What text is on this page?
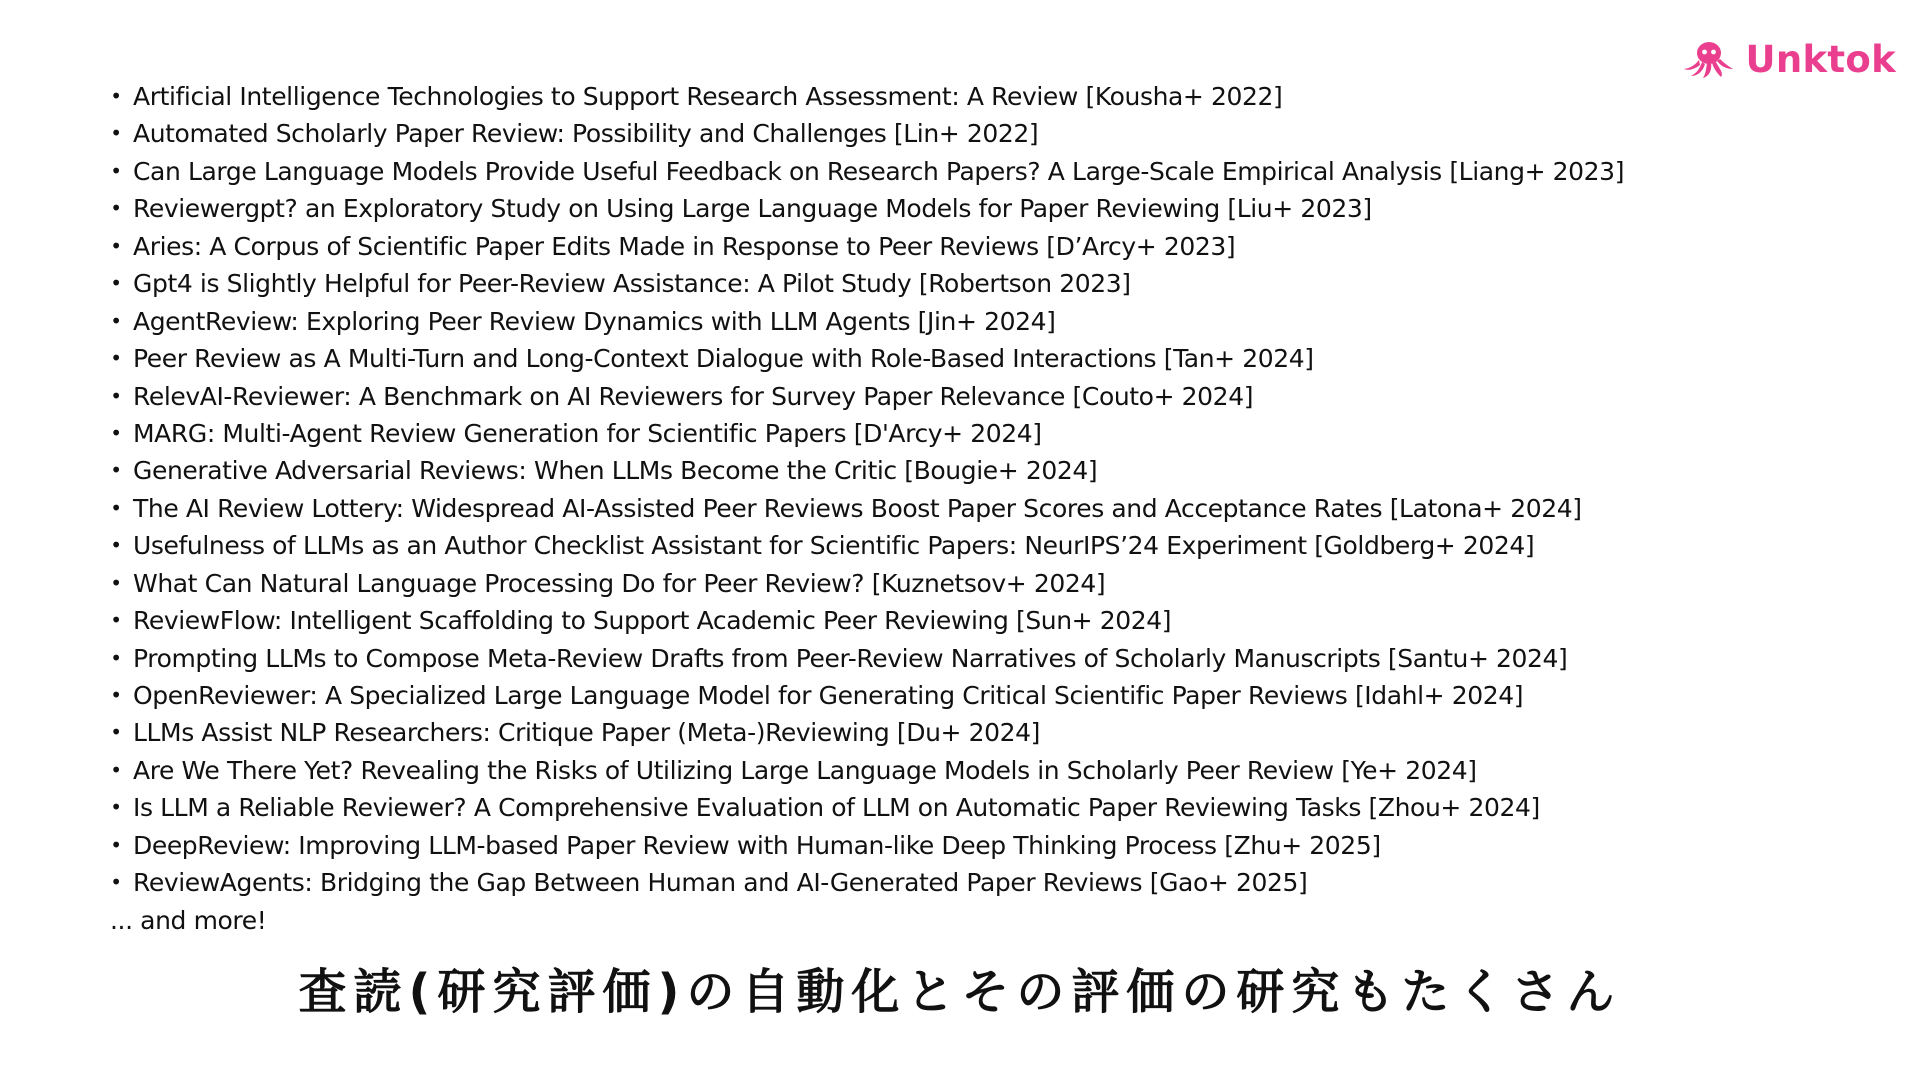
Unktok
• Artificial Intelligence Technologies to Support Research Assessment: A Review [Kousha+ 2022]
• Automated Scholarly Paper Review: Possibility and Challenges [Lin+ 2022]
• Can Large Language Models Provide Useful Feedback on Research Papers? A Large-Scale Empirical Analysis [Liang+ 2023]
• Reviewergpt? an Exploratory Study on Using Large Language Models for Paper Reviewing [Liu+ 2023]
• Aries: A Corpus of Scientific Paper Edits Made in Response to Peer Reviews [D’Arcy+ 2023]
• Gpt4 is Slightly Helpful for Peer-Review Assistance: A Pilot Study [Robertson 2023]
• AgentReview: Exploring Peer Review Dynamics with LLM Agents [Jin+ 2024]
• Peer Review as A Multi-Turn and Long-Context Dialogue with Role-Based Interactions [Tan+ 2024]
• RelevAI-Reviewer: A Benchmark on AI Reviewers for Survey Paper Relevance [Couto+ 2024]
• MARG: Multi-Agent Review Generation for Scientific Papers [D'Arcy+ 2024]
• Generative Adversarial Reviews: When LLMs Become the Critic [Bougie+ 2024]
• The AI Review Lottery: Widespread AI-Assisted Peer Reviews Boost Paper Scores and Acceptance Rates [Latona+ 2024]
• Usefulness of LLMs as an Author Checklist Assistant for Scientific Papers: NeurIPS’24 Experiment [Goldberg+ 2024]
• What Can Natural Language Processing Do for Peer Review? [Kuznetsov+ 2024]
• ReviewFlow: Intelligent Scaffolding to Support Academic Peer Reviewing [Sun+ 2024]
• Prompting LLMs to Compose Meta-Review Drafts from Peer-Review Narratives of Scholarly Manuscripts [Santu+ 2024]
• OpenReviewer: A Specialized Large Language Model for Generating Critical Scientific Paper Reviews [Idahl+ 2024]
• LLMs Assist NLP Researchers: Critique Paper (Meta-)Reviewing [Du+ 2024]
• Are We There Yet? Revealing the Risks of Utilizing Large Language Models in Scholarly Peer Review [Ye+ 2024]
• Is LLM a Reliable Reviewer? A Comprehensive Evaluation of LLM on Automatic Paper Reviewing Tasks [Zhou+ 2024]
• DeepReview: Improving LLM-based Paper Review with Human-like Deep Thinking Process [Zhu+ 2025]
• ReviewAgents: Bridging the Gap Between Human and AI-Generated Paper Reviews [Gao+ 2025]
... and more!
査読(研究評価)の自動化とその評価の研究もたくさん
